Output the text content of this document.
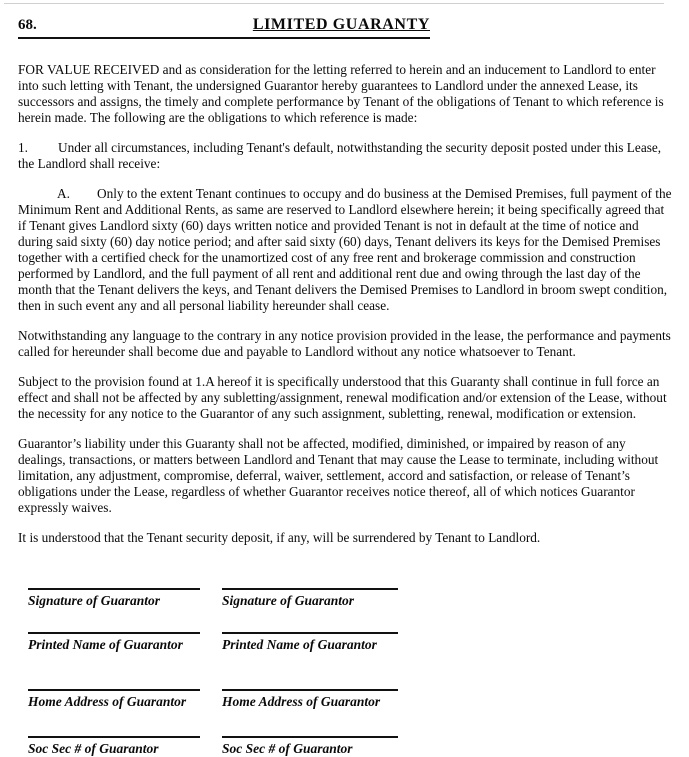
68.	LIMITED GUARANTY

FOR VALUE RECEIVED and as consideration for the letting referred to herein and an inducement to Landlord to enter into such letting with Tenant, the undersigned Guarantor hereby guarantees to Landlord under the annexed Lease, its successors and assigns, the timely and complete performance by Tenant of the obligations of Tenant to which reference is herein made. The following are the obligations to which reference is made:

1. Under all circumstances, including Tenant's default, notwithstanding the security deposit posted under this Lease, the Landlord shall receive:

A. Only to the extent Tenant continues to occupy and do business at the Demised Premises, full payment of the Minimum Rent and Additional Rents, as same are reserved to Landlord elsewhere herein; it being specifically agreed that if Tenant gives Landlord sixty (60) days written notice and provided Tenant is not in default at the time of notice and during said sixty (60) day notice period; and after said sixty (60) days, Tenant delivers its keys for the Demised Premises together with a certified check for the unamortized cost of any free rent and brokerage commission and construction performed by Landlord, and the full payment of all rent and additional rent due and owing through the last day of the month that the Tenant delivers the keys, and Tenant delivers the Demised Premises to Landlord in broom swept condition, then in such event any and all personal liability hereunder shall cease.

Notwithstanding any language to the contrary in any notice provision provided in the lease, the performance and payments called for hereunder shall become due and payable to Landlord without any notice whatsoever to Tenant.

Subject to the provision found at 1.A hereof it is specifically understood that this Guaranty shall continue in full force an effect and shall not be affected by any subletting/assignment, renewal modification and/or extension of the Lease, without the necessity for any notice to the Guarantor of any such assignment, subletting, renewal, modification or extension.

Guarantor’s liability under this Guaranty shall not be affected, modified, diminished, or impaired by reason of any dealings, transactions, or matters between Landlord and Tenant that may cause the Lease to terminate, including without limitation, any adjustment, compromise, deferral, waiver, settlement, accord and satisfaction, or release of Tenant’s obligations under the Lease, regardless of whether Guarantor receives notice thereof, all of which notices Guarantor expressly waives.

It is understood that the Tenant security deposit, if any, will be surrendered by Tenant to Landlord.

Signature of Guarantor	Signature of Guarantor
Printed Name of Guarantor	Printed Name of Guarantor
Home Address of Guarantor	Home Address of Guarantor
Soc Sec # of Guarantor	Soc Sec # of Guarantor
